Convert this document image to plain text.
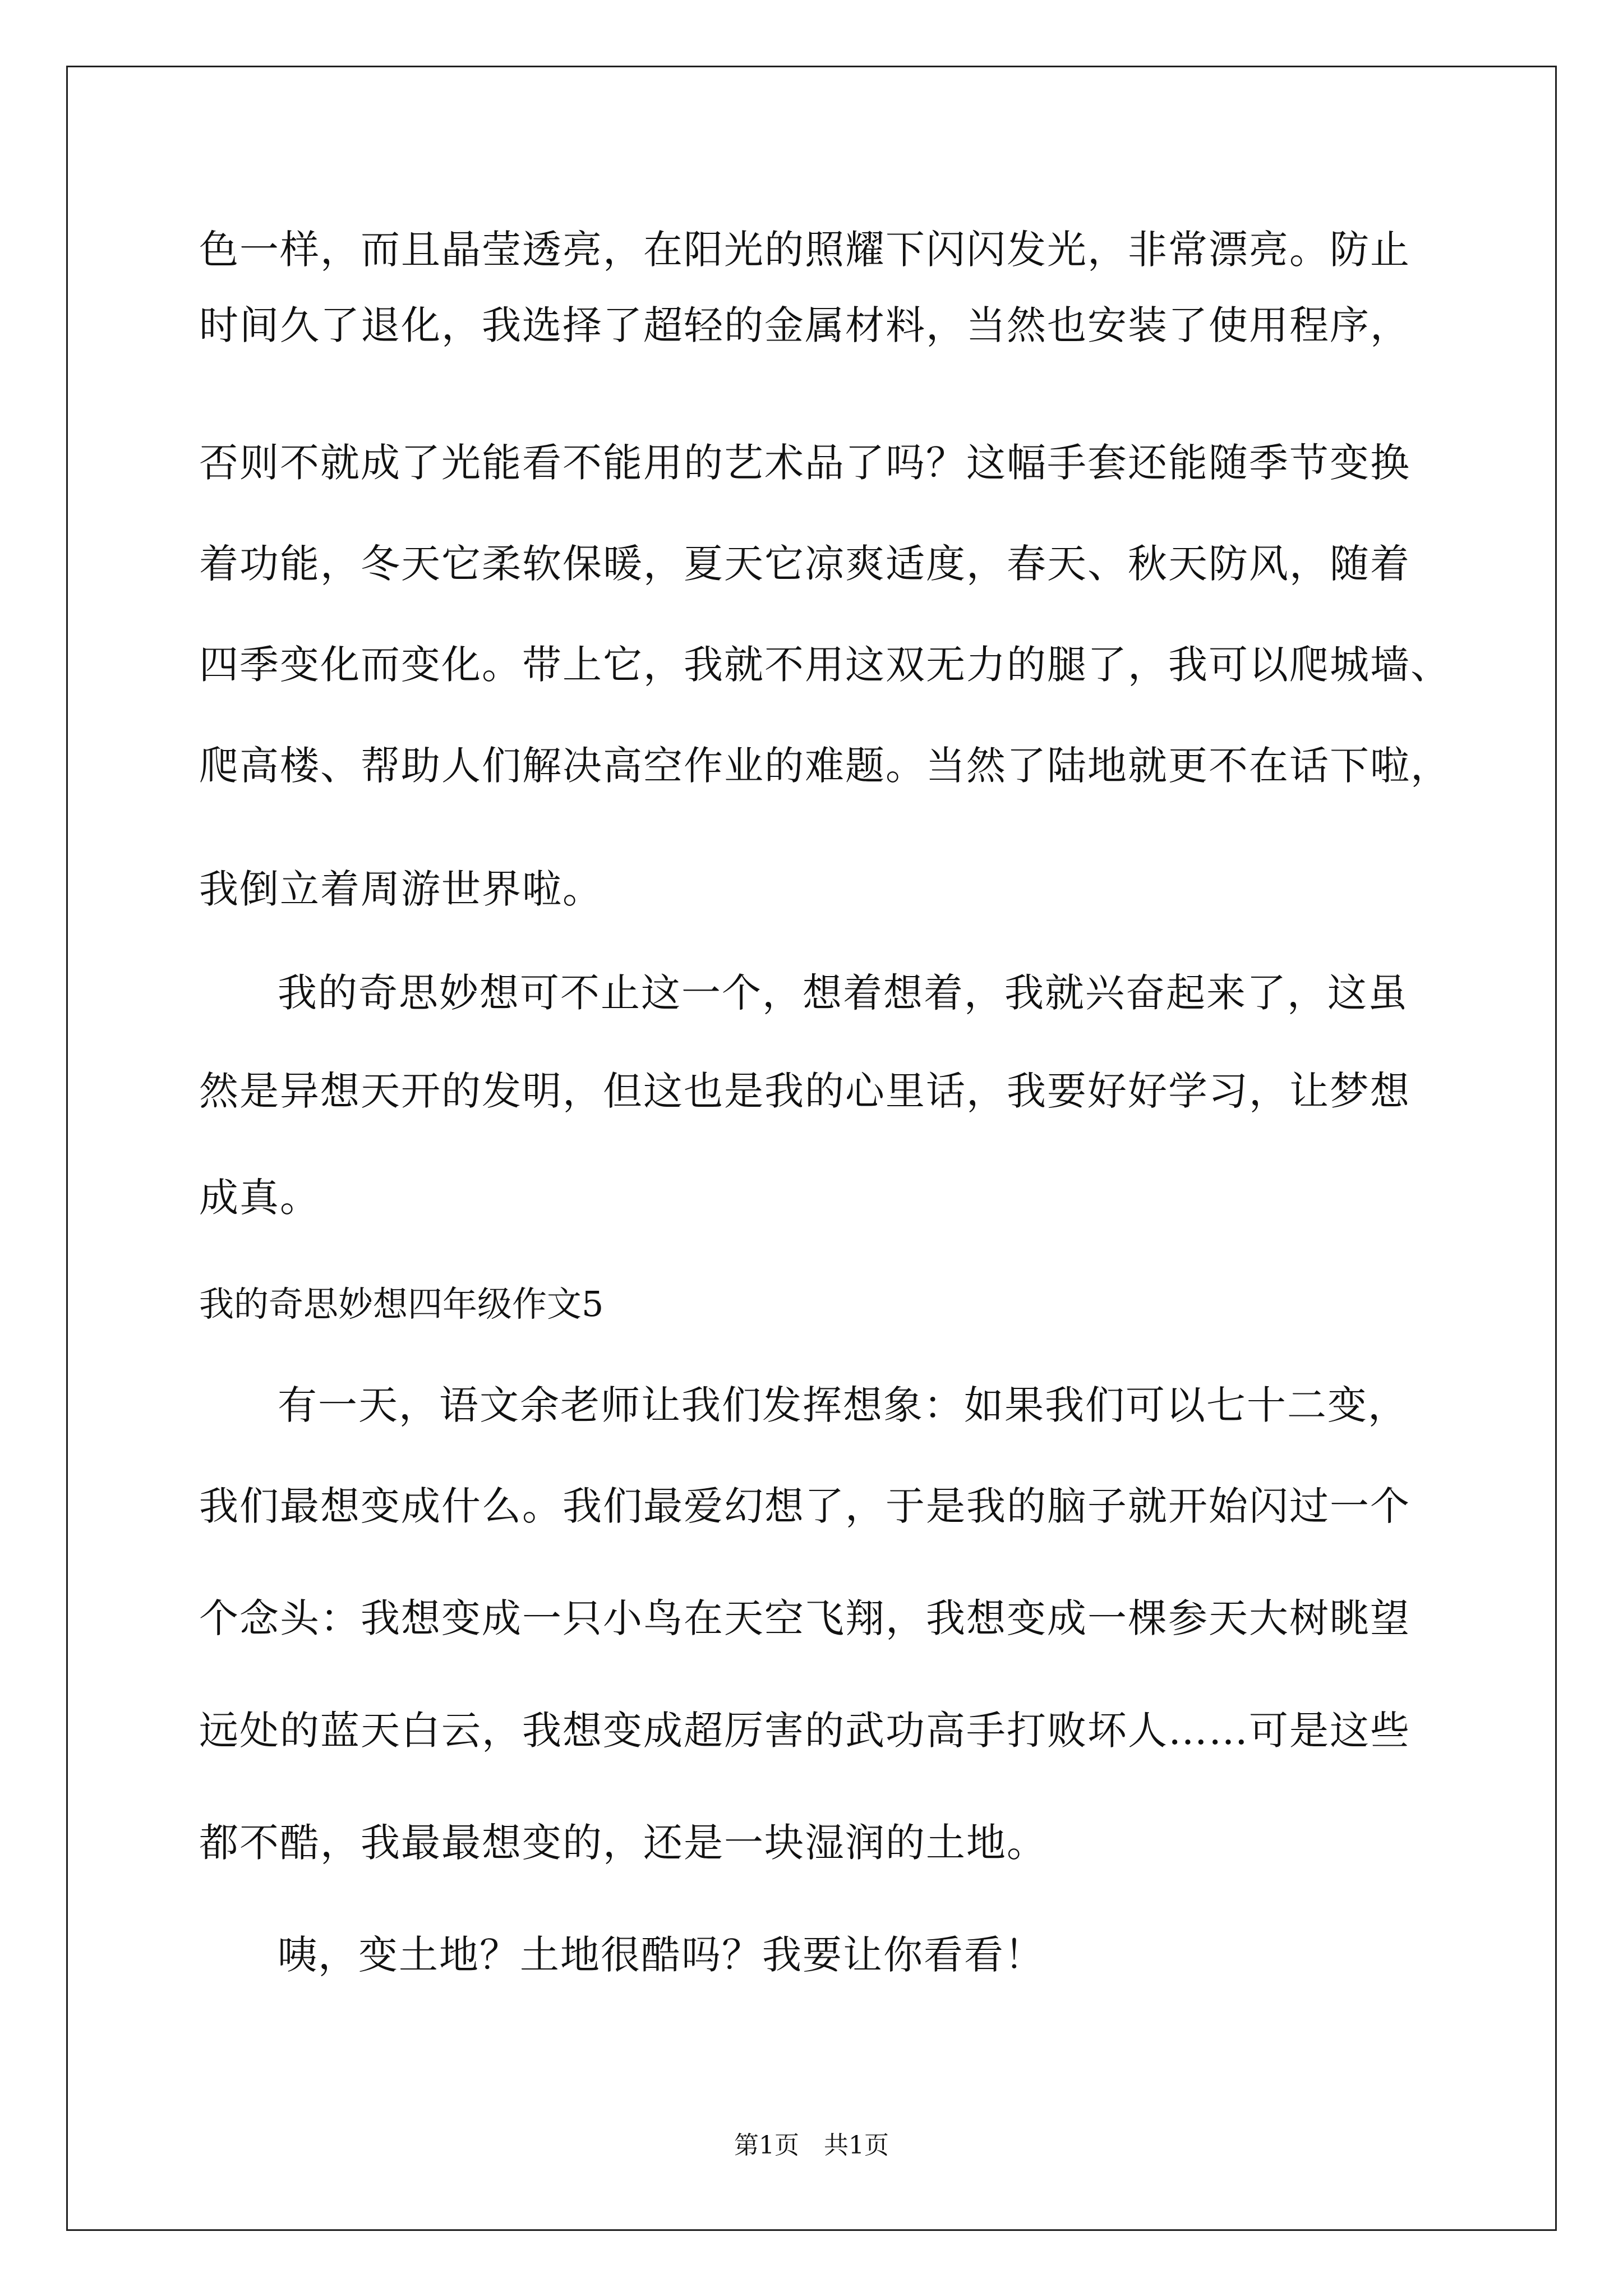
色一样，而且晶莹透亮，在阳光的照耀下闪闪发光，非常漂亮。防止
时间久了退化，我选择了超轻的金属材料，当然也安装了使用程序，
否则不就成了光能看不能用的艺术品了吗？这幅手套还能随季节变换
着功能，冬天它柔软保暖，夏天它凉爽适度，春天、秋天防风，随着
四季变化而变化。带上它，我就不用这双无力的腿了，我可以爬城墙、
爬高楼、帮助人们解决高空作业的难题。当然了陆地就更不在话下啦，
我倒立着周游世界啦。
我的奇思妙想可不止这一个，想着想着，我就兴奋起来了，这虽
然是异想天开的发明，但这也是我的心里话，我要好好学习，让梦想
成真。
我的奇思妙想四年级作文5
有一天，语文余老师让我们发挥想象：如果我们可以七十二变，
我们最想变成什么。我们最爱幻想了，于是我的脑子就开始闪过一个
个念头：我想变成一只小鸟在天空飞翔，我想变成一棵参天大树眺望
远处的蓝天白云，我想变成超厉害的武功高手打败坏人……可是这些
都不酷，我最最想变的，还是一块湿润的土地。
咦，变土地？土地很酷吗？我要让你看看！
第1页　共1页
